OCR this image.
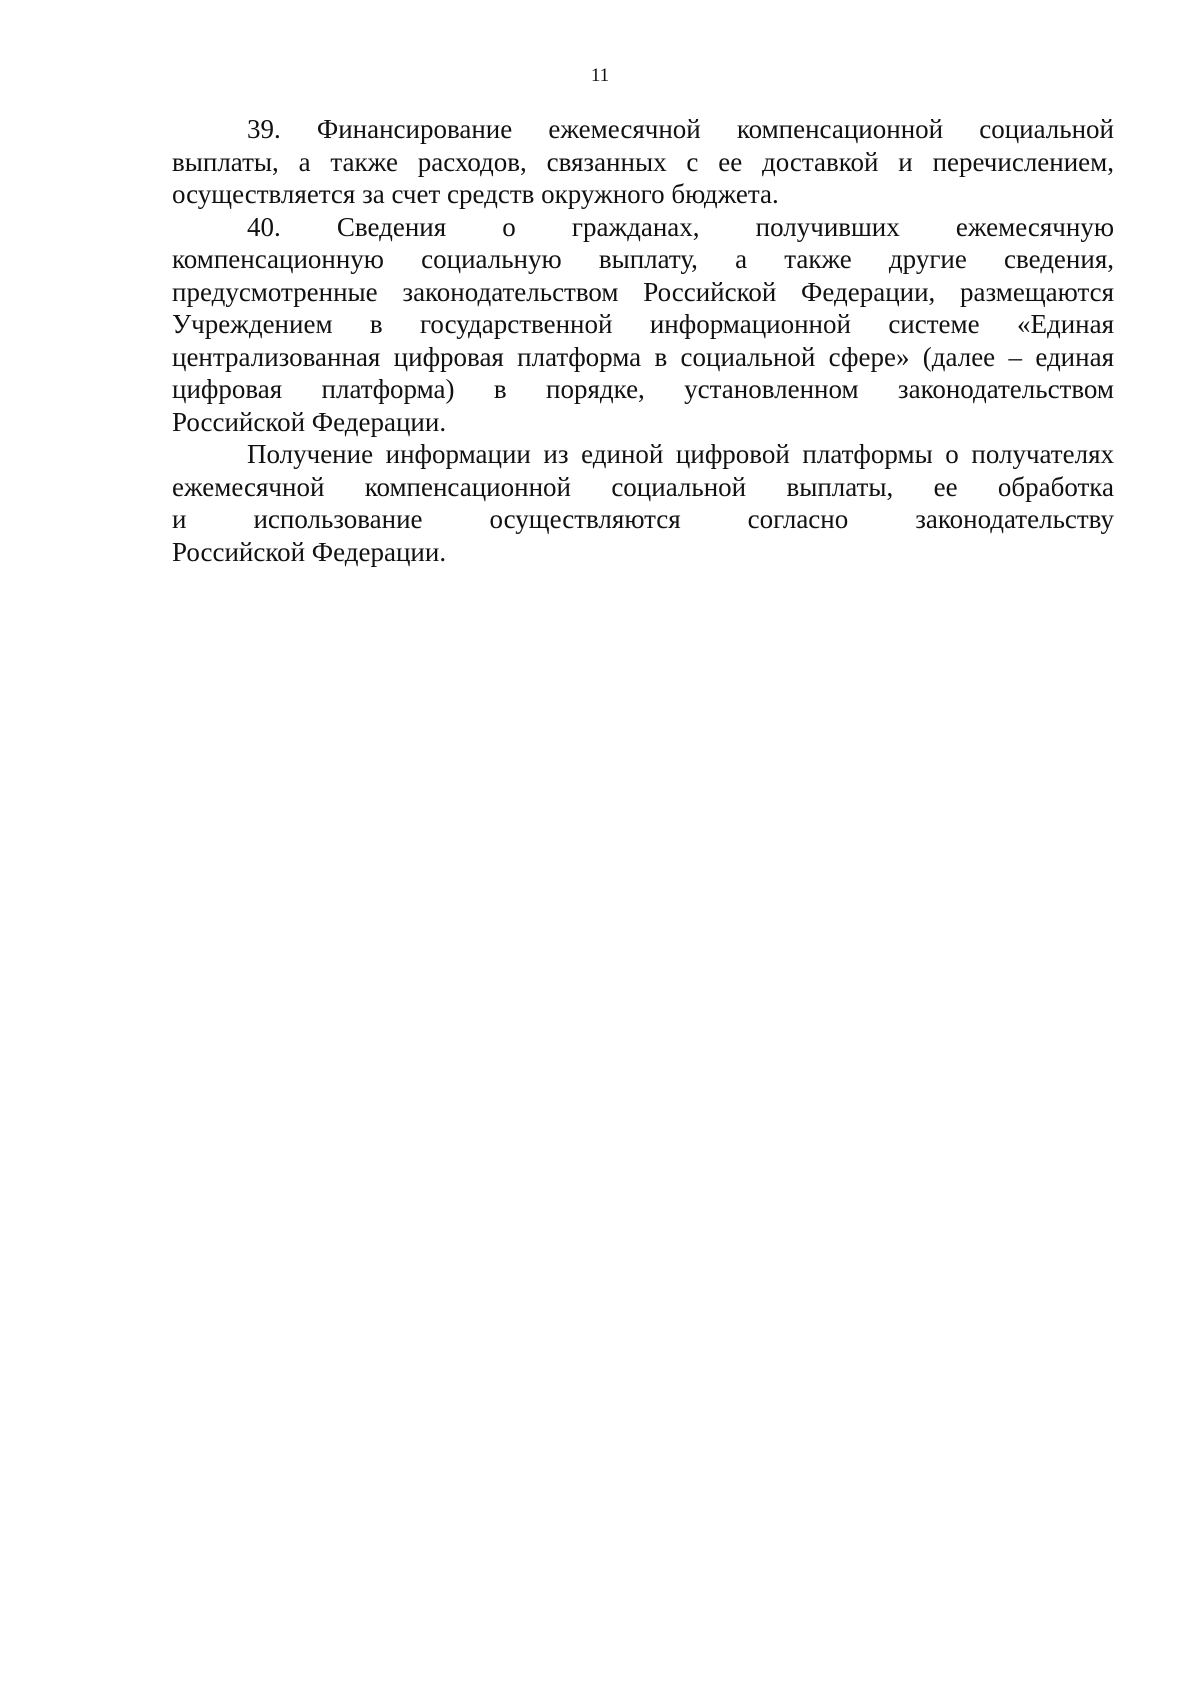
11
39. Финансирование ежемесячной компенсационной социальной
выплаты, а также расходов, связанных с ее доставкой и перечислением,
осуществляется за счет средств окружного бюджета.
40. Сведения о гражданах, получивших ежемесячную
компенсационную социальную выплату, а также другие сведения,
предусмотренные законодательством Российской Федерации, размещаются
Учреждением в государственной информационной системе «Единая
централизованная цифровая платформа в социальной сфере» (далее – единая
цифровая платформа) в порядке, установленном законодательством
Российской Федерации.
Получение информации из единой цифровой платформы о получателях
ежемесячной компенсационной социальной выплаты, ее обработка
и использование осуществляются согласно законодательству
Российской Федерации.
